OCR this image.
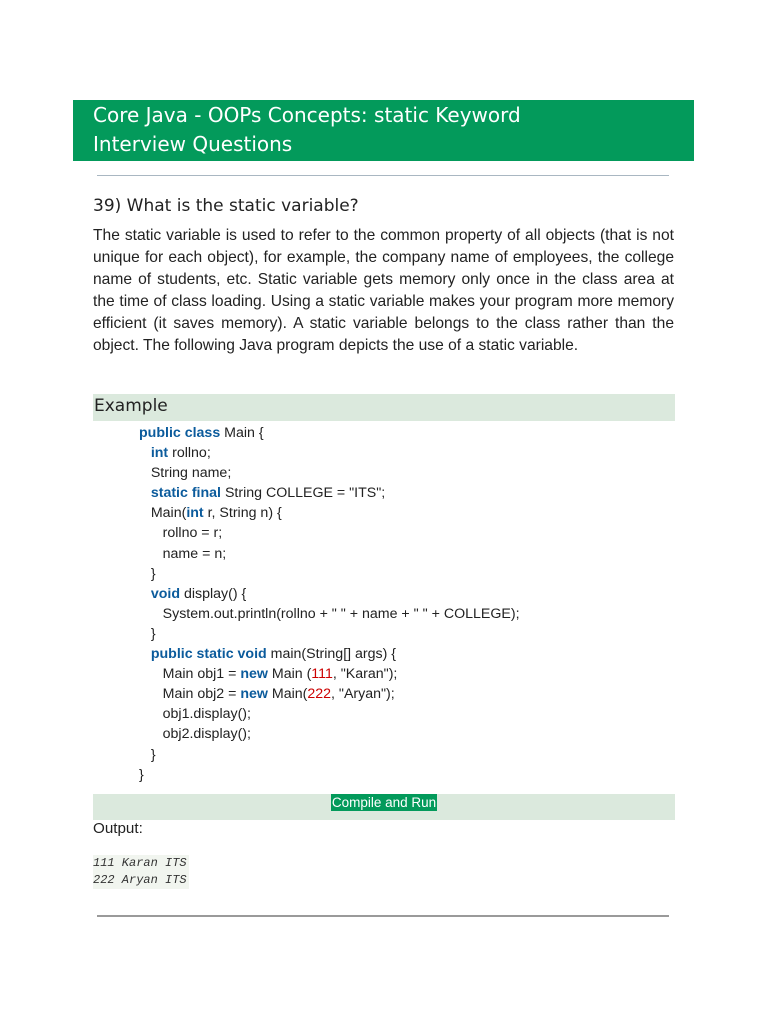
Core Java - OOPs Concepts: static Keyword
Interview Questions
39) What is the static variable?
The static variable is used to refer to the common property of all objects (that is not unique for each object), for example, the company name of employees, the college name of students, etc. Static variable gets memory only once in the class area at the time of class loading. Using a static variable makes your program more memory efficient (it saves memory). A static variable belongs to the class rather than the object. The following Java program depicts the use of a static variable.
Example
public class Main {
int rollno;
String name;
static final String COLLEGE = "ITS";
Main(int r, String n) {
rollno = r;
name = n;
}
void display() {
System.out.println(rollno + " " + name + " " + COLLEGE);
}
public static void main(String[] args) {
Main obj1 = new Main (111, "Karan");
Main obj2 = new Main(222, "Aryan");
obj1.display();
obj2.display();
}
}
Compile and Run
Output:
111 Karan ITS
222 Aryan ITS
